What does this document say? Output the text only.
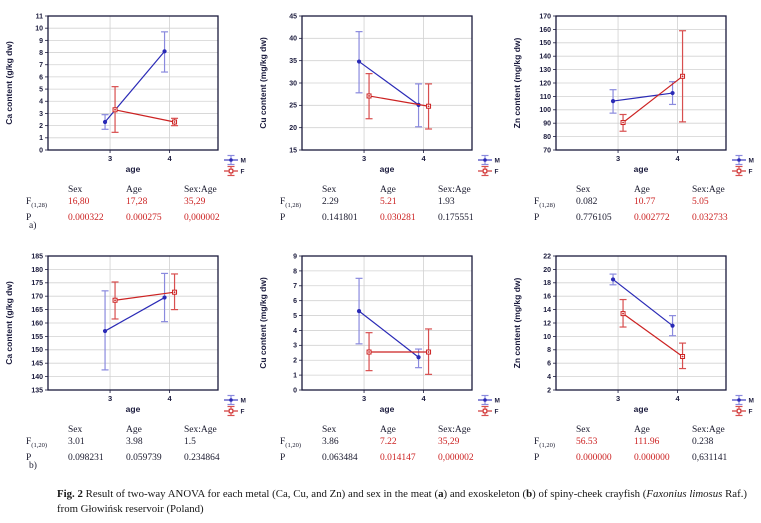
0
1
2
3
4
5
6
7
8
9
10
11
3	4
Ca content (g/kg dw)
age
M
F
Sex	Age	Sex:Age
$F_{(1,28)}$	16,80	17,28	35,29
P	0.000322	0.000275	0,000002
a)
15
20
25
30
35
40
45
3	4
Cu content (mg/kg dw)
age
M
F
Sex	Age	Sex:Age
$F_{(1,28)}$	2.29	5.21	1.93
P	0.141801	0.030281	0.175551
70
80
90
100
110
120
130
140
150
160
170
3	4
Zn content (mg/kg dw)
age
M
F
Sex	Age	Sex:Age
$F_{(1,28)}$	0.082	10.77	5.05
P	0.776105	0.002772	0.032733
135
140
145
150
155
160
165
170
175
180
185
3	4
Ca content (g/kg dw)
age
M
F
Sex	Age	Sex:Age
$F_{(1,20)}$	3.01	3.98	1.5
P	0.098231	0.059739	0.234864
b)
0
1
2
3
4
5
6
7
8
9
3	4
Cu content (mg/kg dw)
age
M
F
Sex	Age	Sex:Age
$F_{(1,20)}$	3.86	7.22	35,29
P	0.063484	0.014147	0,000002
2
4
6
8
10
12
14
16
18
20
22
3	4
Zn content (mg/kg dw)
age
M
F
Sex	Age	Sex:Age
$F_{(1,20)}$	56.53	111.96	0.238
P	0.000000	0.000000	0,631141
Fig. 2 Result of two-way ANOVA for each metal (Ca, Cu, and Zn) and sex in the meat (a) and exoskeleton (b) of spiny-cheek crayfish (Faxonius limosus Raf.) from Głowińsk reservoir (Poland)
